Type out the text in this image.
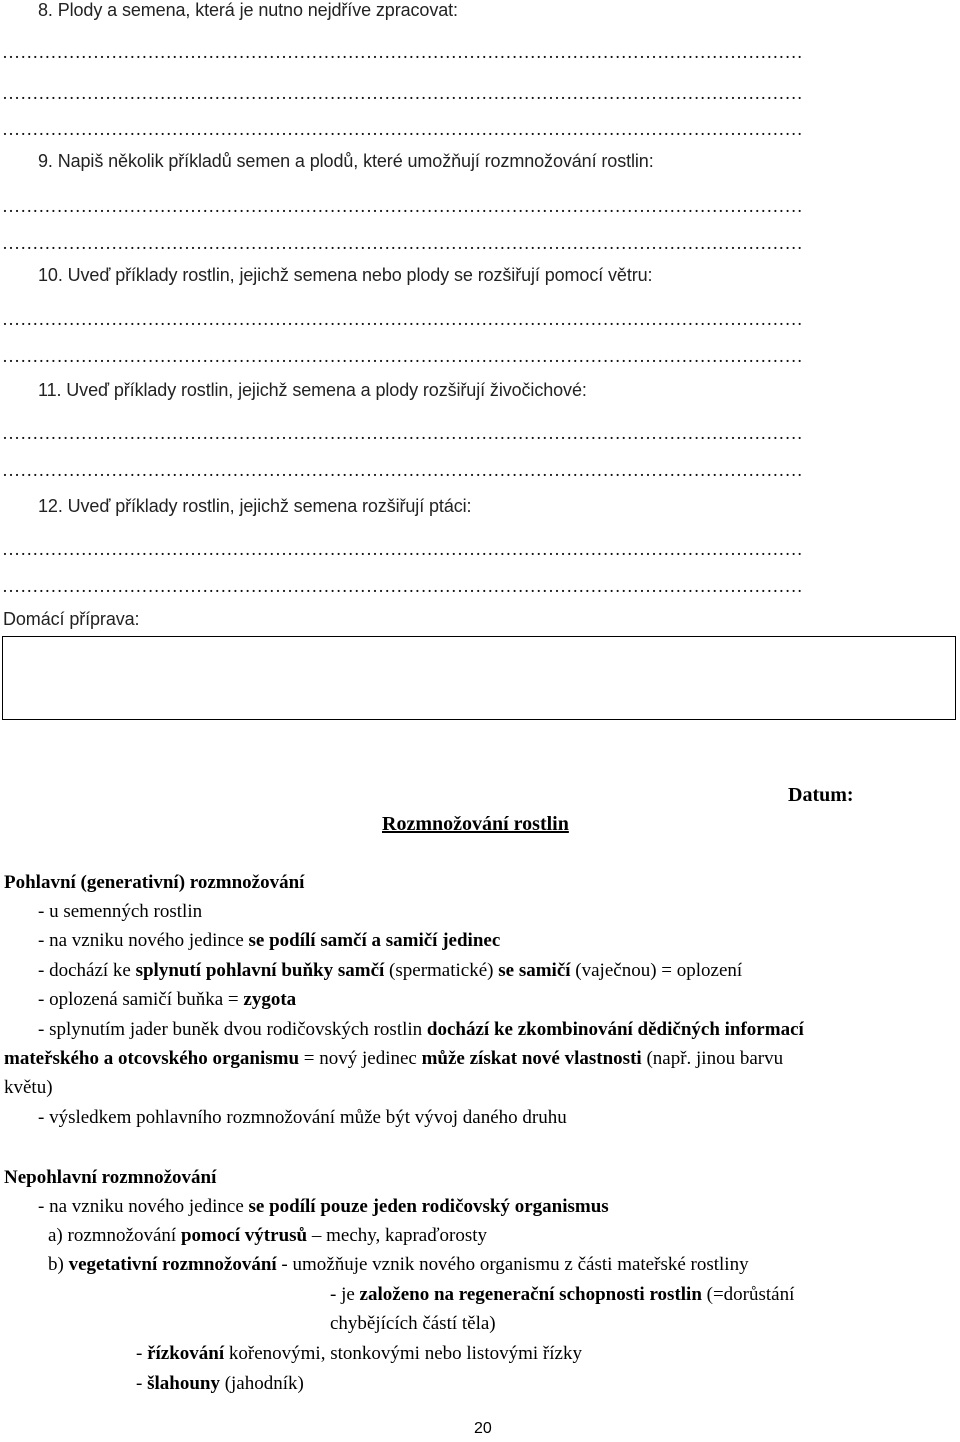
8. Plody a semena, která je nutno nejdříve zpracovat:
……………………………………………………………………………………………………………………
……………………………………………………………………………………………………………………
……………………………………………………………………………………………………………………
9. Napiš několik příkladů semen a plodů, které umožňují rozmnožování rostlin:
……………………………………………………………………………………………………………………
……………………………………………………………………………………………………………………
10. Uveď příklady rostlin, jejichž semena nebo plody se rozšiřují pomocí větru:
……………………………………………………………………………………………………………………
……………………………………………………………………………………………………………………
11. Uveď příklady rostlin, jejichž semena a plody rozšiřují živočichové:
……………………………………………………………………………………………………………………
……………………………………………………………………………………………………………………
12. Uveď příklady rostlin, jejichž semena rozšiřují ptáci:
……………………………………………………………………………………………………………………
……………………………………………………………………………………………………………………
Domácí příprava:
Datum:
Rozmnožování rostlin
Pohlavní (generativní) rozmnožování
- u semenných rostlin
- na vzniku nového jedince se podílí samčí a samičí jedinec
- dochází ke splynutí pohlavní buňky samčí (spermatické) se samičí (vaječnou) = oplození
- oplozená samičí buňka = zygota
- splynutím jader buněk dvou rodičovských rostlin dochází ke zkombinování dědičných informací
mateřského a otcovského organismu = nový jedinec může získat nové vlastnosti (např. jinou barvu
květu)
- výsledkem pohlavního rozmnožování může být vývoj daného druhu
Nepohlavní rozmnožování
- na vzniku nového jedince se podílí pouze jeden rodičovský organismus
a) rozmnožování pomocí výtrusů – mechy, kapraďorosty
b) vegetativní rozmnožování - umožňuje vznik nového organismu z části mateřské rostliny
- je založeno na regenerační schopnosti rostlin (=dorůstání
chybějících částí těla)
- řízkování kořenovými, stonkovými nebo listovými řízky
- šlahouny (jahodník)
20
